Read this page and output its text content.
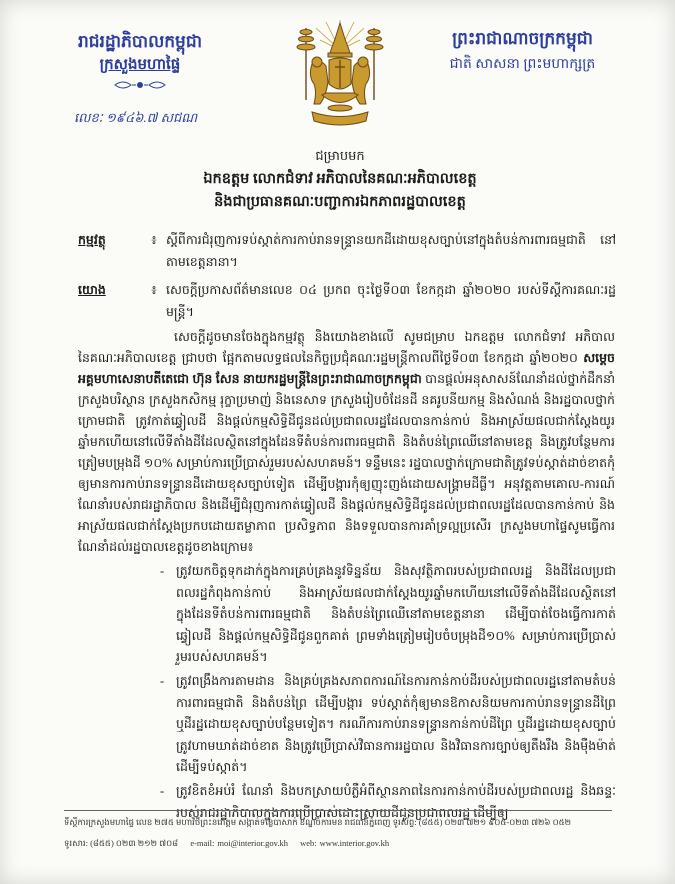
រាជរដ្ឋាភិបាលកម្ពុជា
ក្រសួងមហាផ្ទៃ
លេខៈ ១៩៤៦.៧ សជណ
ព្រះរាជាណាចក្រកម្ពុជា
ជាតិ សាសនា ព្រះមហាក្សត្រ
ជម្រាបមក
ឯកឧត្តម លោកជំទាវ អភិបាលនៃគណៈអភិបាលខេត្ត
និងជាប្រធានគណៈបញ្ជាការឯកភាពរដ្ឋបាលខេត្ត
កម្មវត្ថុ	៖ ស្តីពីការជំរុញការទប់ស្កាត់ការកាប់រានទន្ទ្រានយកដីដោយខុសច្បាប់នៅក្នុងតំបន់ការពារធម្មជាតិ នៅតាមខេត្តនានា។
យោង	៖ សេចក្តីប្រកាសព័ត៌មានលេខ ០៤ ប្រកព ចុះថ្ងៃទី០៣ ខែកក្កដា ឆ្នាំ២០២០ របស់ទីស្តីការគណៈរដ្ឋមន្ត្រី។

សេចក្តីដូចមានចែងក្នុងកម្មវត្ថុ និងយោងខាងលើ សូមជម្រាប ឯកឧត្តម លោកជំទាវ អភិបាលនៃគណៈអភិបាលខេត្ត ជ្រាបថា ផ្អែកតាមលទ្ធផលនៃកិច្ចប្រជុំគណៈរដ្ឋមន្ត្រីកាលពីថ្ងៃទី០៣ ខែកក្កដា ឆ្នាំ២០២០ សម្តេចអគ្គមហាសេនាបតីតេជោ ហ៊ុន សែន នាយករដ្ឋមន្ត្រីនៃព្រះរាជាណាចក្រកម្ពុជា បានផ្តល់អនុសាសន៍ណែនាំដល់ថ្នាក់ដឹកនាំក្រសួងបរិស្ថាន ក្រសួងកសិកម្ម រុក្ខាប្រមាញ់ និងនេសាទ ក្រសួងរៀបចំដែនដី នគរូបនីយកម្ម និងសំណង់ និងរដ្ឋបាលថ្នាក់ក្រោមជាតិ ត្រូវកាត់ឆ្វៀលដី និងផ្តល់កម្មសិទ្ធិដីជូនដល់ប្រជាពលរដ្ឋដែលបានកាន់កាប់ និងអាស្រ័យផលជាក់ស្តែងយូរឆ្នាំមកហើយនៅលើទីតាំងដីដែលស្ថិតនៅក្នុងដែនទីតំបន់ការពារធម្មជាតិ និងតំបន់ព្រៃឈើនៅតាមខេត្ត និងត្រូវបន្ថែមការត្រៀមបម្រុងដី ១០% សម្រាប់ការប្រើប្រាស់រួមរបស់សហគមន៍។ ទន្ទឹមនេះ រដ្ឋបាលថ្នាក់ក្រោមជាតិត្រូវទប់ស្កាត់ដាច់ខាតកុំឲ្យមានការកាប់រានទន្ទ្រានដីដោយខុសច្បាប់ទៀត ដើម្បីបង្ការកុំឲ្យញុះញង់ដោយសង្គ្រាមដីធ្លី។ អនុវត្តតាមគោល-ការណ៍ណែនាំរបស់រាជរដ្ឋាភិបាល និងដើម្បីជំរុញការកាត់ឆ្វៀលដី និងផ្តល់កម្មសិទ្ធិដីជូនដល់ប្រជាពលរដ្ឋដែលបានកាន់កាប់ និងអាស្រ័យផលជាក់ស្តែងប្រកបដោយតម្លាភាព ប្រសិទ្ធភាព និងទទួលបានការគាំទ្រល្អប្រសើរ ក្រសួងមហាផ្ទៃសូមធ្វើការណែនាំដល់រដ្ឋបាលខេត្តដូចខាងក្រោម៖

- ត្រូវយកចិត្តទុកដាក់ក្នុងការគ្រប់គ្រងនូវទិន្នន័យ និងសុវត្ថិភាពរបស់ប្រជាពលរដ្ឋ និងដីដែលប្រជាពលរដ្ឋកំពុងកាន់កាប់ និងអាស្រ័យផលជាក់ស្តែងយូរឆ្នាំមកហើយនៅលើទីតាំងដីដែលស្ថិតនៅក្នុងដែនទីតំបន់ការពារធម្មជាតិ និងតំបន់ព្រៃឈើនៅតាមខេត្តនានា ដើម្បីបាត់ចែងធ្វើការកាត់ឆ្វៀលដី និងផ្តល់កម្មសិទ្ធិដីជូនពួកគាត់ ព្រមទាំងត្រៀមរៀបចំបម្រុងដី១០% សម្រាប់ការប្រើប្រាស់រួមរបស់សហគមន៍។
- ត្រូវពង្រឹងការតាមដាន និងគ្រប់គ្រងសភាពការណ៍នៃការកាន់កាប់ដីរបស់ប្រជាពលរដ្ឋនៅតាមតំបន់ការពារធម្មជាតិ និងតំបន់ព្រៃ ដើម្បីបង្ការ ទប់ស្កាត់កុំឲ្យមានឱកាសនិយមការកាប់រានទន្ទ្រានដីព្រៃ ឬដីរដ្ឋដោយខុសច្បាប់បន្ថែមទៀត។ ករណីការកាប់រានទន្ទ្រានកាន់កាប់ដីព្រៃ ឬដីរដ្ឋដោយខុសច្បាប់ ត្រូវហាមឃាត់ដាច់ខាត និងត្រូវប្រើប្រាស់វិធានការរដ្ឋបាល និងវិធានការច្បាប់ឲ្យតឹងរឹង និងម៉ឺងម៉ាត់ដើម្បីទប់ស្កាត់។
- ត្រូវខិតខំអប់រំ ណែនាំ និងបកស្រាយបំភ្លឺអំពីស្ថានភាពនៃការកាន់កាប់ដីរបស់ប្រជាពលរដ្ឋ និងឆន្ទៈរបស់រាជរដ្ឋាភិបាលក្នុងការប្រើប្រាស់ដោះស្រាយដីជូនប្រជាពលរដ្ឋ ដើម្បីឲ្យ
ទីស្តីការក្រសួងមហាផ្ទៃ លេខ ២៧៥ មហាវិថីព្រះនរោត្តម សង្កាត់ទន្លេបាសាក់ ខណ្ឌចំការមន រាជធានីភ្នំពេញ ទូរស័ព្ទ: (៨៥៥) ០២៣ ៧២១ ៩០៥-០២៣ ៧២៦ ០៥២
ទូរសារ: (៨៥៥) ០២៣ ២១២ ៧០៨ e-mail: moi@interior.gov.kh web: www.interior.gov.kh
